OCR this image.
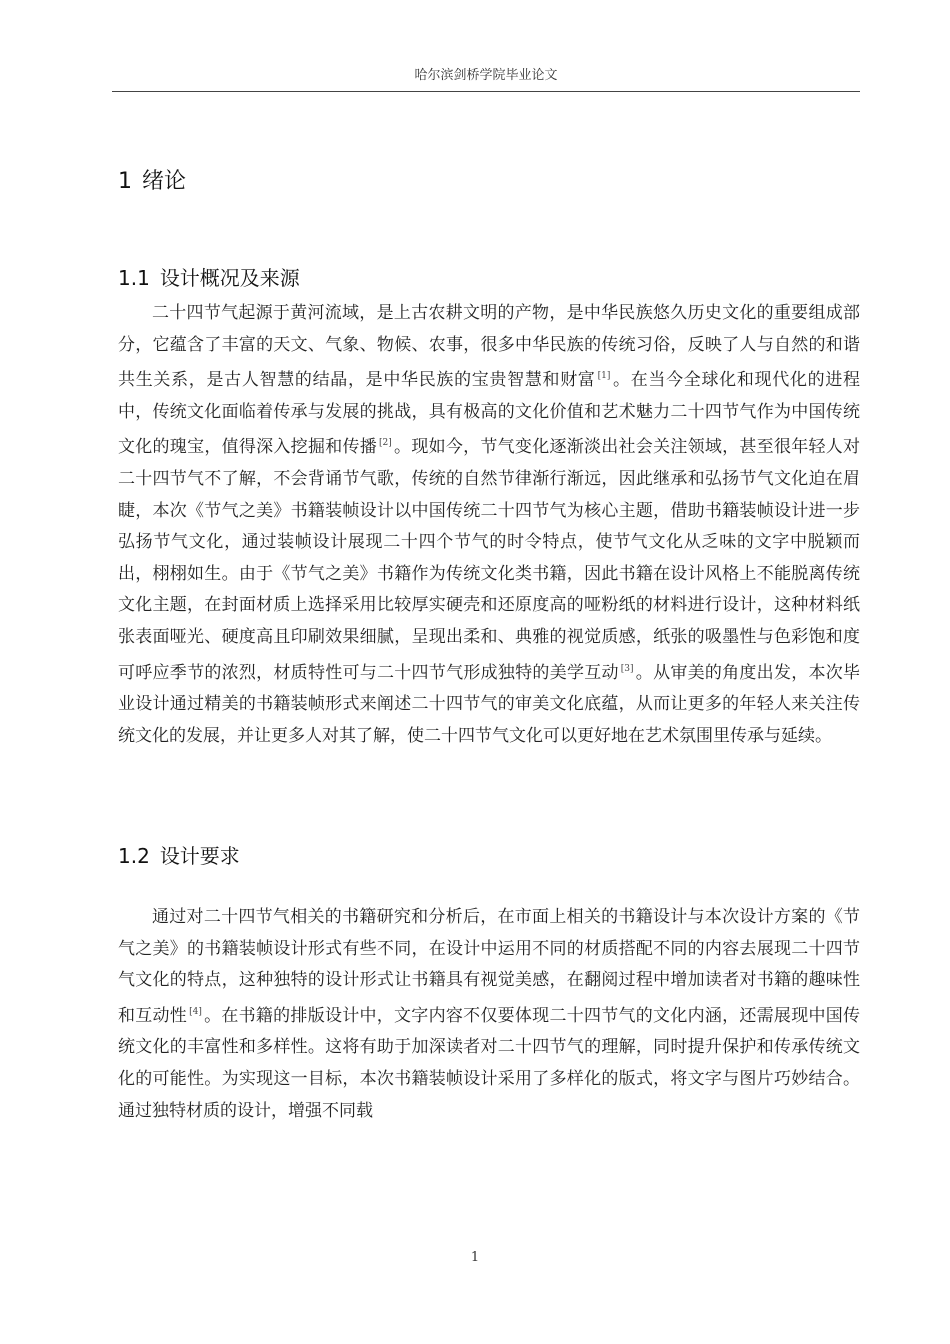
哈尔滨剑桥学院毕业论文
1 绪论
1.1 设计概况及来源

二十四节气起源于黄河流域，是上古农耕文明的产物，是中华民族悠久历史文化的重要组成部分，它蕴含了丰富的天文、气象、物候、农事，很多中华民族的传统习俗，反映了人与自然的和谐共生关系，是古人智慧的结晶，是中华民族的宝贵智慧和财富 [1] 。在当今全球化和现代化的进程中，传统文化面临着传承与发展的挑战，具有极高的文化价值和艺术魅力二十四节气作为中国传统文化的瑰宝，值得深入挖掘和传播 [2] 。现如今，节气变化逐渐淡出社会关注领域，甚至很年轻人对二十四节气不了解，不会背诵节气歌，传统的自然节律渐行渐远，因此继承和弘扬节气文化迫在眉睫，本次《节气之美》书籍装帧设计以中国传统二十四节气为核心主题，借助书籍装帧设计进一步弘扬节气文化，通过装帧设计展现二十四个节气的时令特点，使节气文化从乏味的文字中脱颖而出，栩栩如生。由于《节气之美》书籍作为传统文化类书籍，因此书籍在设计风格上不能脱离传统文化主题，在封面材质上选择采用比较厚实硬壳和还原度高的哑粉纸的材料进行设计，这种材料纸张表面哑光、硬度高且印刷效果细腻，呈现出柔和、典雅的视觉质感，纸张的吸墨性与色彩饱和度可呼应季节的浓烈，材质特性可与二十四节气形成独特的美学互动 [3] 。从审美的角度出发，本次毕业设计通过精美的书籍装帧形式来阐述二十四节气的审美文化底蕴，从而让更多的年轻人来关注传统文化的发展，并让更多人对其了解，使二十四节气文化可以更好地在艺术氛围里传承与延续。

1.2 设计要求

通过对二十四节气相关的书籍研究和分析后，在市面上相关的书籍设计与本次设计方案的《节气之美》的书籍装帧设计形式有些不同，在设计中运用不同的材质搭配不同的内容去展现二十四节气文化的特点，这种独特的设计形式让书籍具有视觉美感，在翻阅过程中增加读者对书籍的趣味性和互动性 [4] 。在书籍的排版设计中，文字内容不仅要体现二十四节气的文化内涵，还需展现中国传统文化的丰富性和多样性。这将有助于加深读者对二十四节气的理解，同时提升保护和传承传统文化的可能性。为实现这一目标，本次书籍装帧设计采用了多样化的版式，将文字与图片巧妙结合。通过独特材质的设计，增强不同载

1
